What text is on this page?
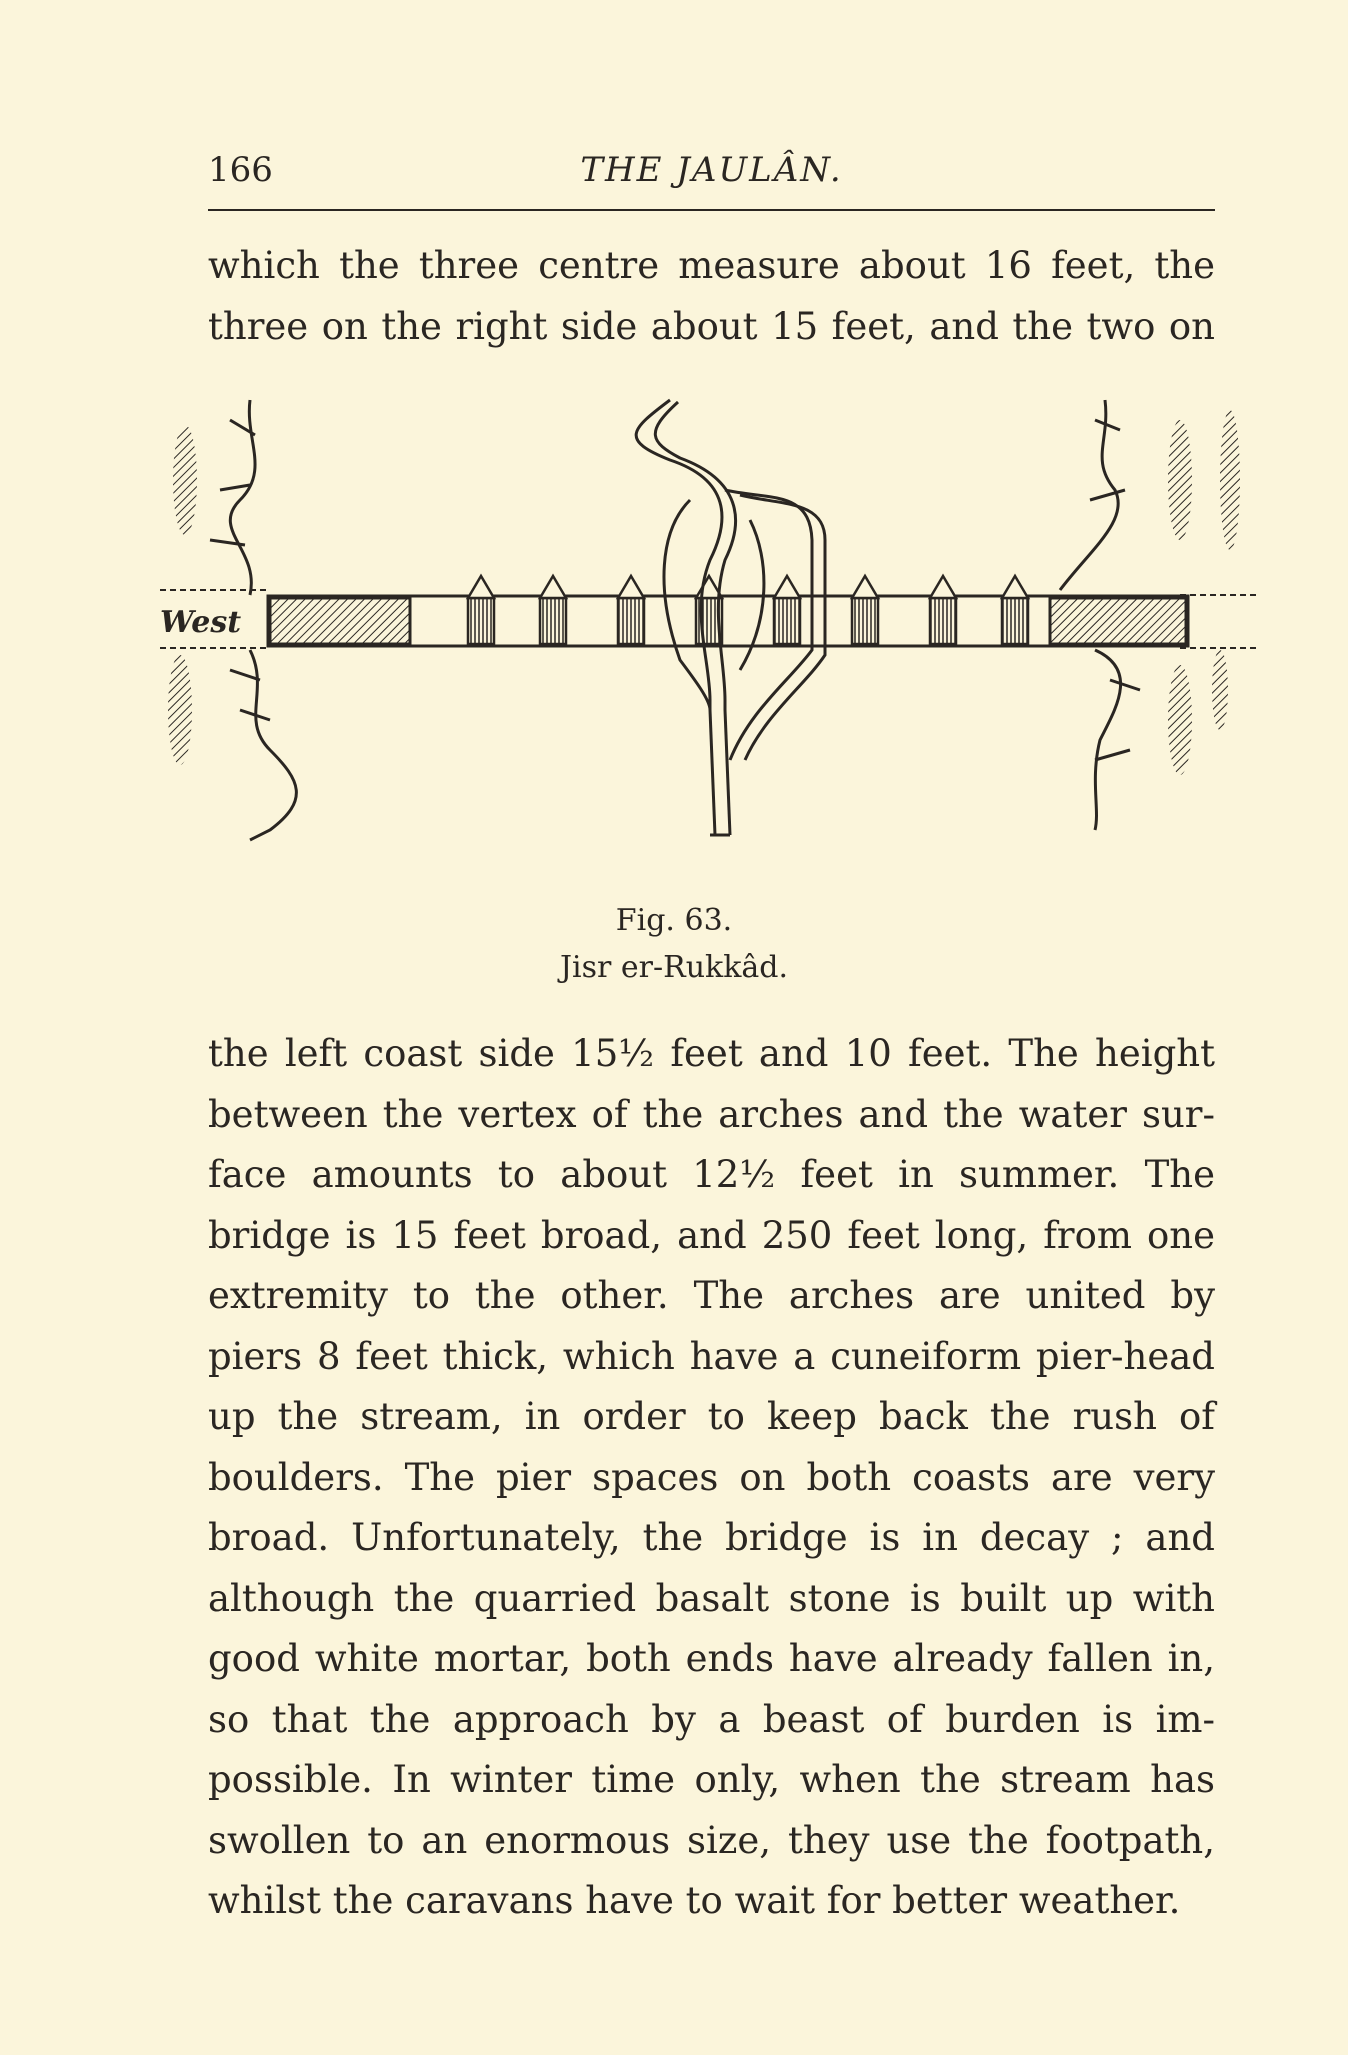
166	THE JAULÂN.
which the three centre measure about 16 feet, the
three on the right side about 15 feet, and the two on
West
Fig. 63.
Jisr er-Rukkâd.
the left coast side 15½ feet and 10 feet. The height
between the vertex of the arches and the water sur-
face amounts to about 12½ feet in summer. The
bridge is 15 feet broad, and 250 feet long, from one
extremity to the other. The arches are united by
piers 8 feet thick, which have a cuneiform pier-head
up the stream, in order to keep back the rush of
boulders. The pier spaces on both coasts are very
broad. Unfortunately, the bridge is in decay ; and
although the quarried basalt stone is built up with
good white mortar, both ends have already fallen in,
so that the approach by a beast of burden is im-
possible. In winter time only, when the stream has
swollen to an enormous size, they use the footpath,
whilst the caravans have to wait for better weather.
